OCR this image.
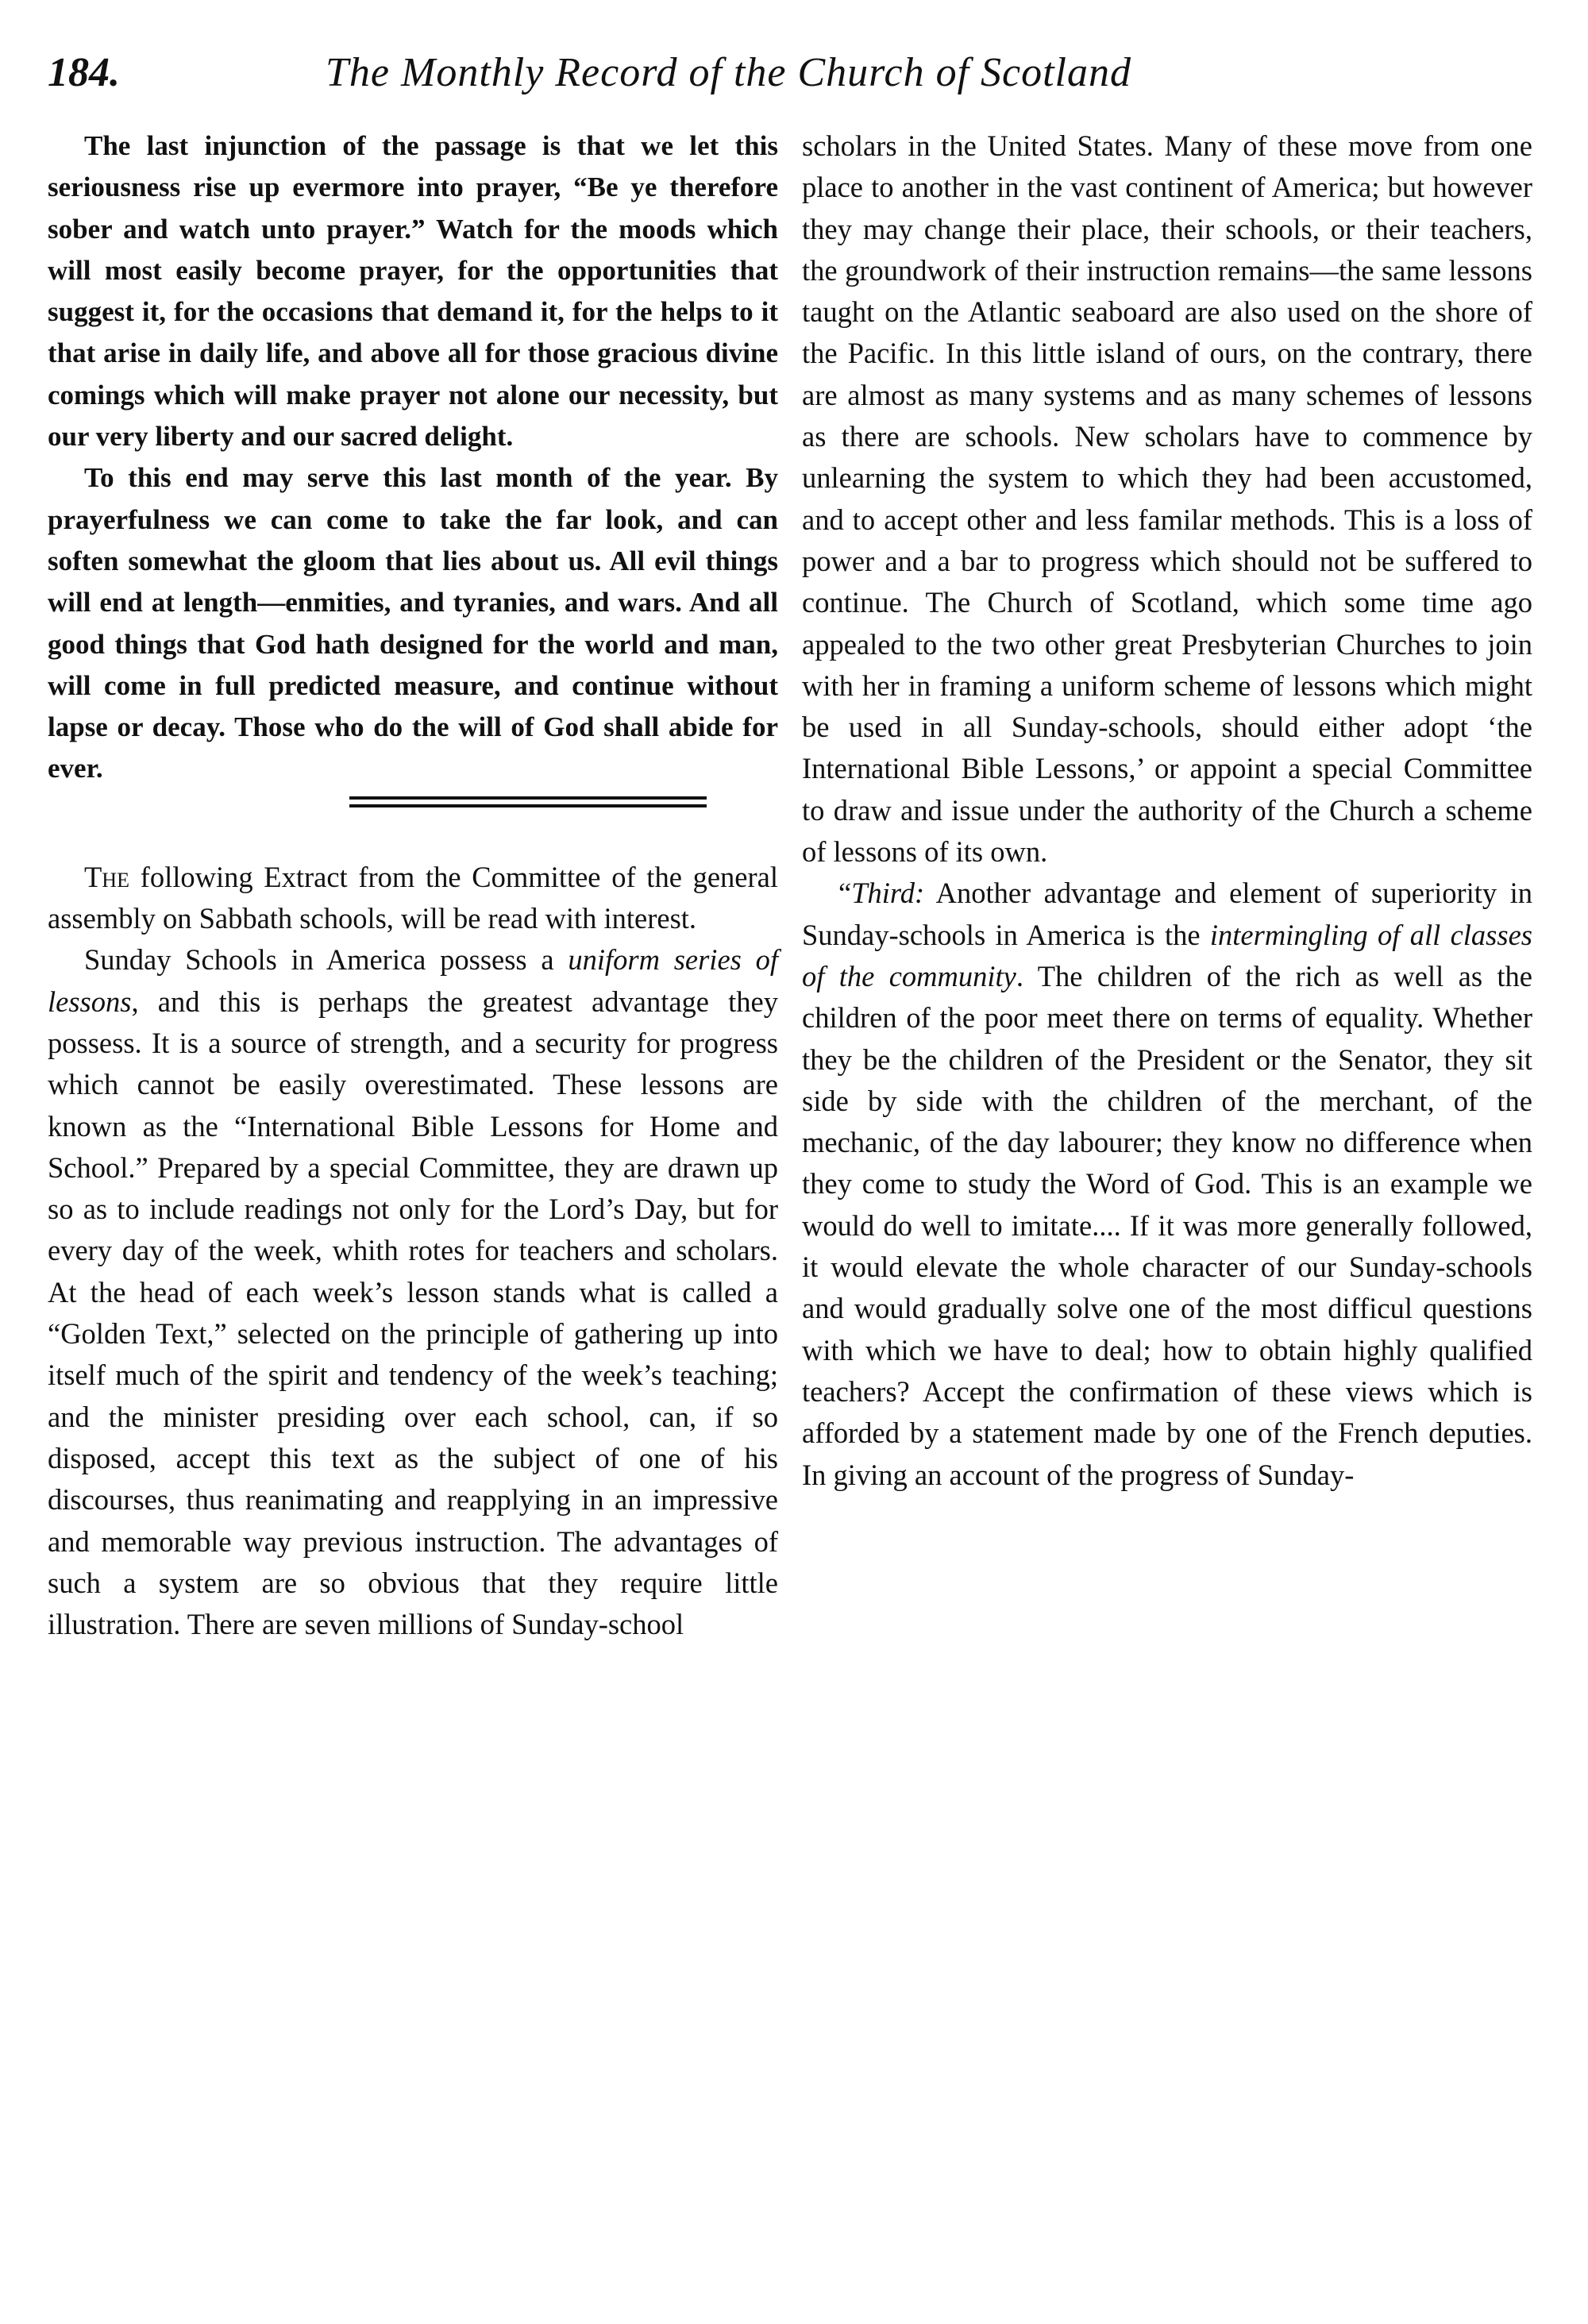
184.	The Monthly Record of the Church of Scotland

The last injunction of the passage is that we let this seriousness rise up evermore into prayer, “Be ye therefore sober and watch unto prayer.” Watch for the moods which will most easily become prayer, for the opportunities that suggest it, for the occasions that demand it, for the helps to it that arise in daily life, and above all for those gracious divine comings which will make prayer not alone our necessity, but our very liberty and our sacred delight.

To this end may serve this last month of the year. By prayerfulness we can come to take the far look, and can soften somewhat the gloom that lies about us. All evil things will end at length—enmities, and tyranies, and wars. And all good things that God hath designed for the world and man, will come in full predicted measure, and continue without lapse or decay. Those who do the will of God shall abide for ever.

The following Extract from the Committee of the general assembly on Sabbath schools, will be read with interest.

Sunday Schools in America possess a uniform series of lessons, and this is perhaps the greatest advantage they possess. It is a source of strength, and a security for progress which cannot be easily overestimated. These lessons are known as the “International Bible Lessons for Home and School.” Prepared by a special Committee, they are drawn up so as to include readings not only for the Lord’s Day, but for every day of the week, whith rotes for teachers and scholars. At the head of each week’s lesson stands what is called a “Golden Text,” selected on the principle of gathering up into itself much of the spirit and tendency of the week’s teaching; and the minister presiding over each school, can, if so disposed, accept this text as the subject of one of his discourses, thus reanimating and reapplying in an impressive and memorable way previous instruction. The advantages of such a system are so obvious that they require little illustration. There are seven millions of Sunday-school

scholars in the United States. Many of these move from one place to another in the vast continent of America; but however they may change their place, their schools, or their teachers, the groundwork of their instruction remains—the same lessons taught on the Atlantic seaboard are also used on the shore of the Pacific. In this little island of ours, on the contrary, there are almost as many systems and as many schemes of lessons as there are schools. New scholars have to commence by unlearning the system to which they had been accustomed, and to accept other and less familar methods. This is a loss of power and a bar to progress which should not be suffered to continue. The Church of Scotland, which some time ago appealed to the two other great Presbyterian Churches to join with her in framing a uniform scheme of lessons which might be used in all Sunday-schools, should either adopt ‘the International Bible Lessons,’ or appoint a special Committee to draw and issue under the authority of the Church a scheme of lessons of its own.

“Third: Another advantage and element of superiority in Sunday-schools in America is the intermingling of all classes of the community. The children of the rich as well as the children of the poor meet there on terms of equality. Whether they be the children of the President or the Senator, they sit side by side with the children of the merchant, of the mechanic, of the day labourer; they know no difference when they come to study the Word of God. This is an example we would do well to imitate.... If it was more generally followed, it would elevate the whole character of our Sunday-schools and would gradually solve one of the most difficul questions with which we have to deal; how to obtain highly qualified teachers? Accept the confirmation of these views which is afforded by a statement made by one of the French deputies. In giving an account of the progress of Sunday-
